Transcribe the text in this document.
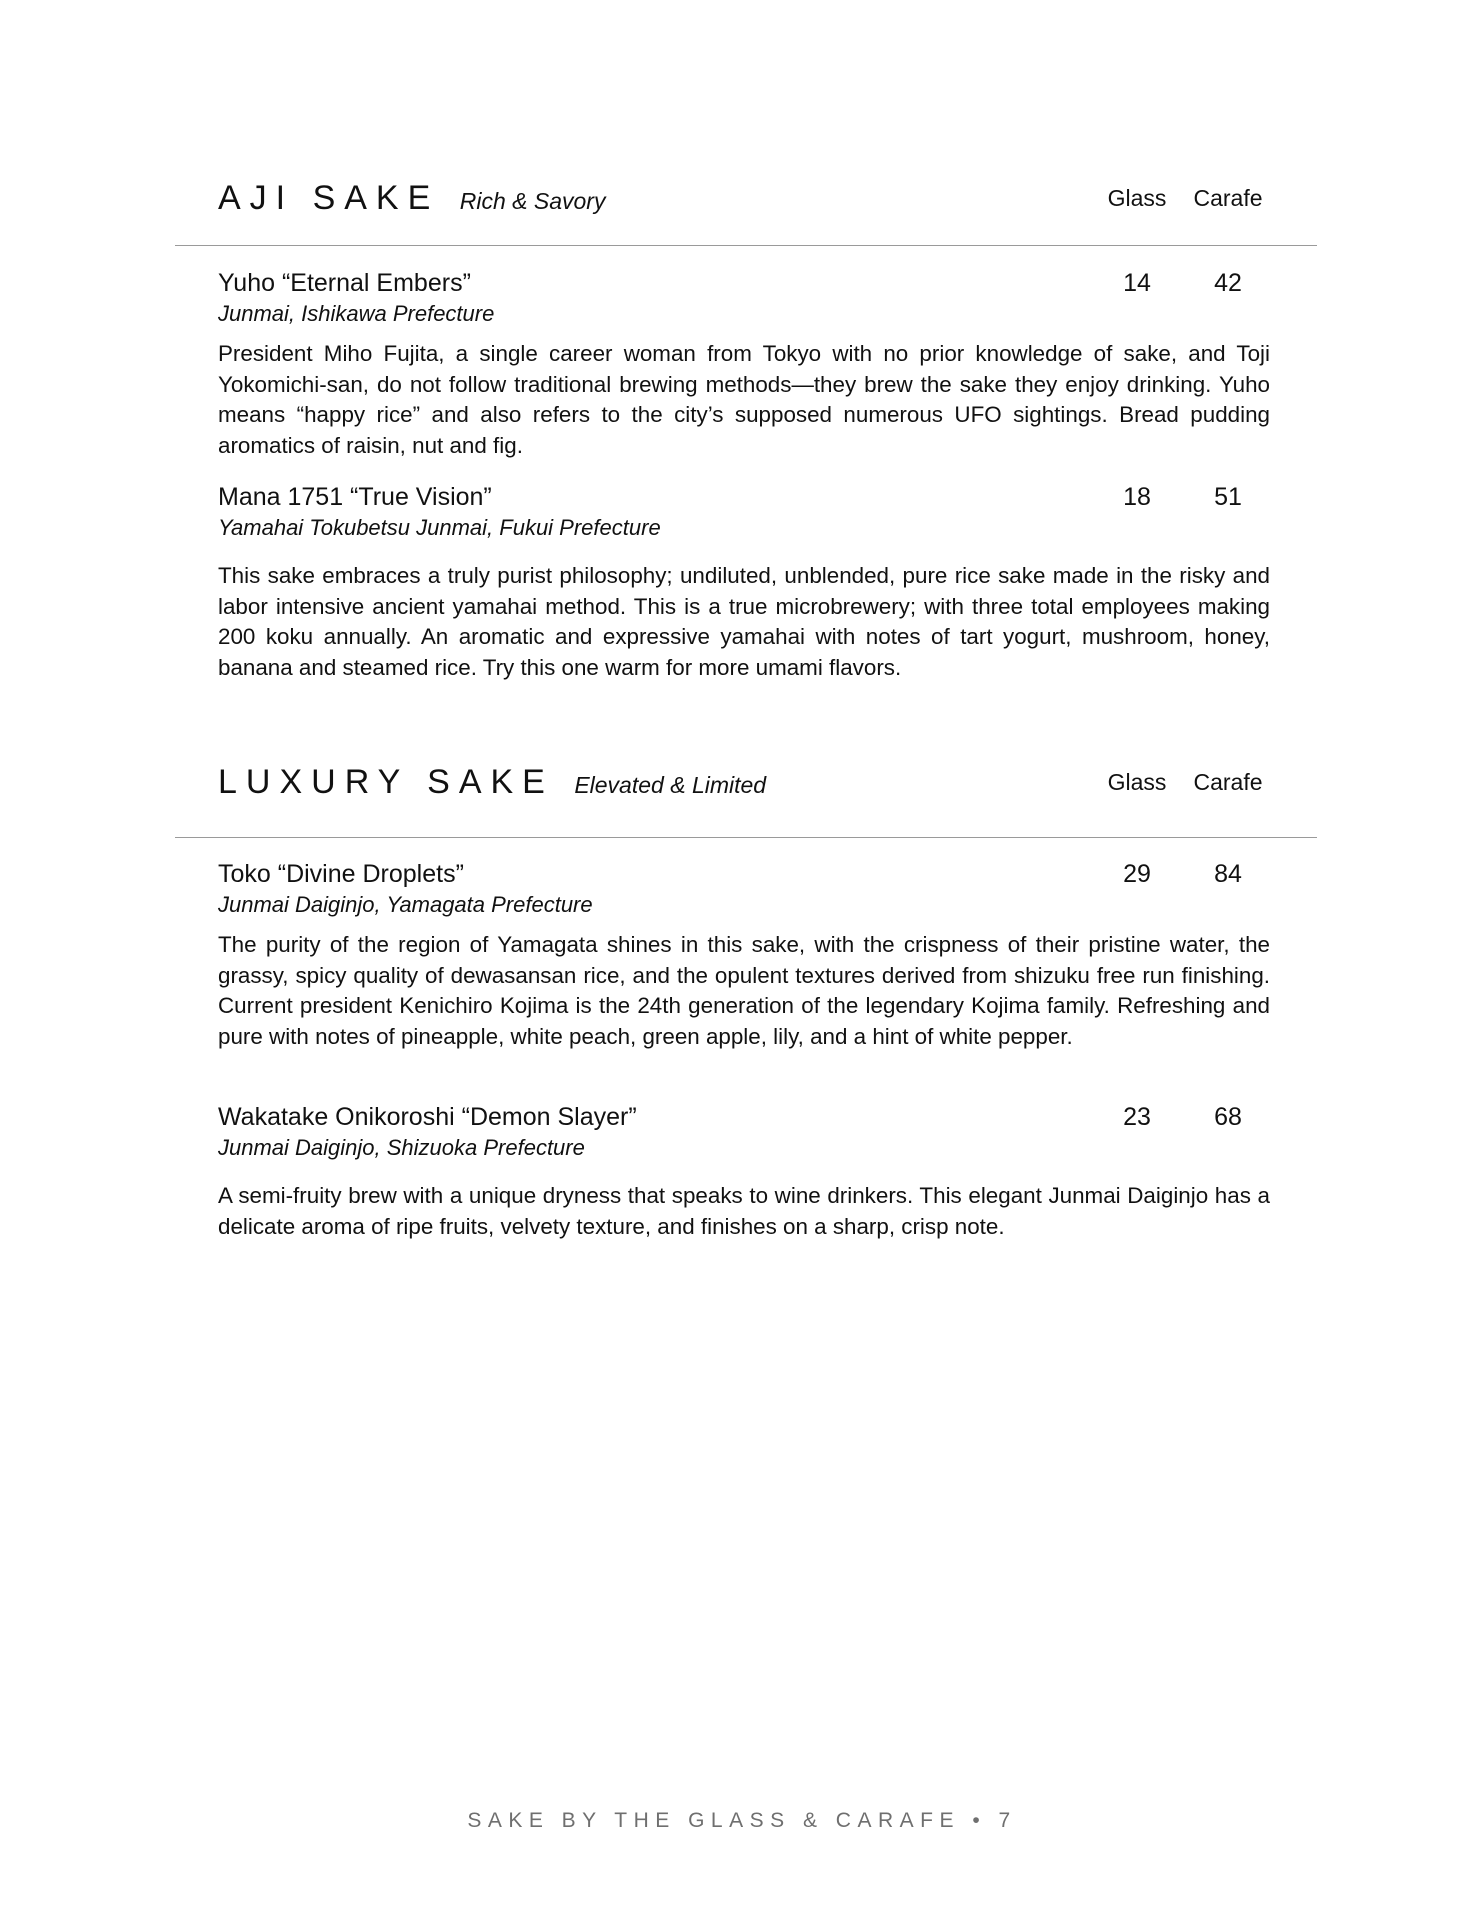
AJI SAKE Rich & Savory	Glass	Carafe
Yuho “Eternal Embers”	14	42
Junmai, Ishikawa Prefecture

President Miho Fujita, a single career woman from Tokyo with no prior knowledge of sake, and Toji Yokomichi-san, do not follow traditional brewing methods—they brew the sake they enjoy drinking. Yuho means “happy rice” and also refers to the city’s supposed numerous UFO sightings. Bread pudding aromatics of raisin, nut and fig.

Mana 1751 “True Vision”	18	51
Yamahai Tokubetsu Junmai, Fukui Prefecture

This sake embraces a truly purist philosophy; undiluted, unblended, pure rice sake made in the risky and labor intensive ancient yamahai method. This is a true microbrewery; with three total employees making 200 koku annually. An aromatic and expressive yamahai with notes of tart yogurt, mushroom, honey, banana and steamed rice. Try this one warm for more umami flavors.

LUXURY SAKE Elevated & Limited	Glass	Carafe
Toko “Divine Droplets”	29	84
Junmai Daiginjo, Yamagata Prefecture

The purity of the region of Yamagata shines in this sake, with the crispness of their pristine water, the grassy, spicy quality of dewasansan rice, and the opulent textures derived from shizuku free run finishing. Current president Kenichiro Kojima is the 24th generation of the legendary Kojima family. Refreshing and pure with notes of pineapple, white peach, green apple, lily, and a hint of white pepper.

Wakatake Onikoroshi “Demon Slayer”	23	68
Junmai Daiginjo, Shizuoka Prefecture

A semi-fruity brew with a unique dryness that speaks to wine drinkers. This elegant Junmai Daiginjo has a delicate aroma of ripe fruits, velvety texture, and finishes on a sharp, crisp note.

SAKE BY THE GLASS & CARAFE • 7
